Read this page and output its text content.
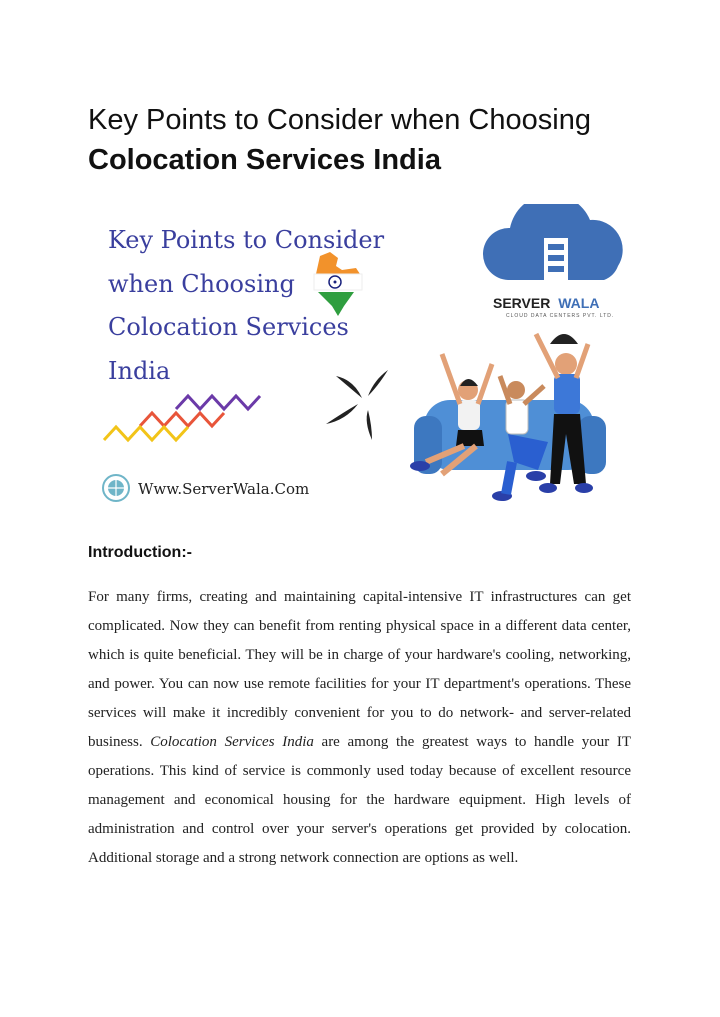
Key Points to Consider when Choosing
Colocation Services India
Key Points to Consider
when Choosing
Colocation Services
India
SERVER WALA
CLOUD DATA CENTERS PVT. LTD.
Www.ServerWala.Com
Introduction:-

For many firms, creating and maintaining capital-intensive IT infrastructures can get complicated. Now they can benefit from renting physical space in a different data center, which is quite beneficial. They will be in charge of your hardware's cooling, networking, and power. You can now use remote facilities for your IT department's operations. These services will make it incredibly convenient for you to do network- and server-related business. Colocation Services India are among the greatest ways to handle your IT operations. This kind of service is commonly used today because of excellent resource management and economical housing for the hardware equipment. High levels of administration and control over your server's operations get provided by colocation. Additional storage and a strong network connection are options as well.
